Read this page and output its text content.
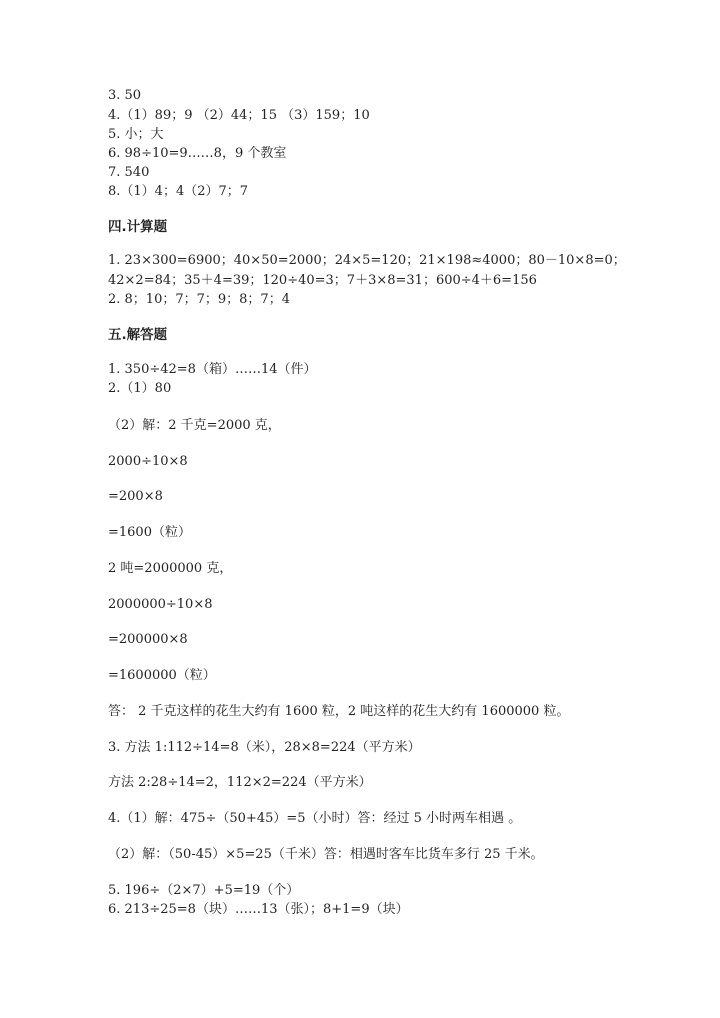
3. 50
4.（1）89；9 （2）44；15 （3）159；10
5. 小；大
6. 98÷10=9……8，9 个教室
7. 540
8.（1）4；4（2）7；7
四.计算题
1. 23×300=6900；40×50=2000；24×5=120；21×198≈4000；80－10×8=0；
42×2=84；35＋4=39；120÷40=3；7＋3×8=31；600÷4＋6=156
2. 8；10；7；7；9；8；7；4
五.解答题
1. 350÷42=8（箱）……14（件）
2.（1）80
（2）解：2 千克=2000 克，
2000÷10×8
=200×8
=1600（粒）
2 吨=2000000 克，
2000000÷10×8
=200000×8
=1600000（粒）
答： 2 千克这样的花生大约有 1600 粒，2 吨这样的花生大约有 1600000 粒。
3. 方法 1:112÷14=8（米），28×8=224（平方米）
方法 2:28÷14=2，112×2=224（平方米）
4.（1）解：475÷（50+45）=5（小时）答：经过 5 小时两车相遇 。
（2）解：（50-45）×5=25（千米）答：相遇时客车比货车多行 25 千米。
5. 196÷（2×7）+5=19（个）
6. 213÷25=8（块）……13（张）；8+1=9（块）
